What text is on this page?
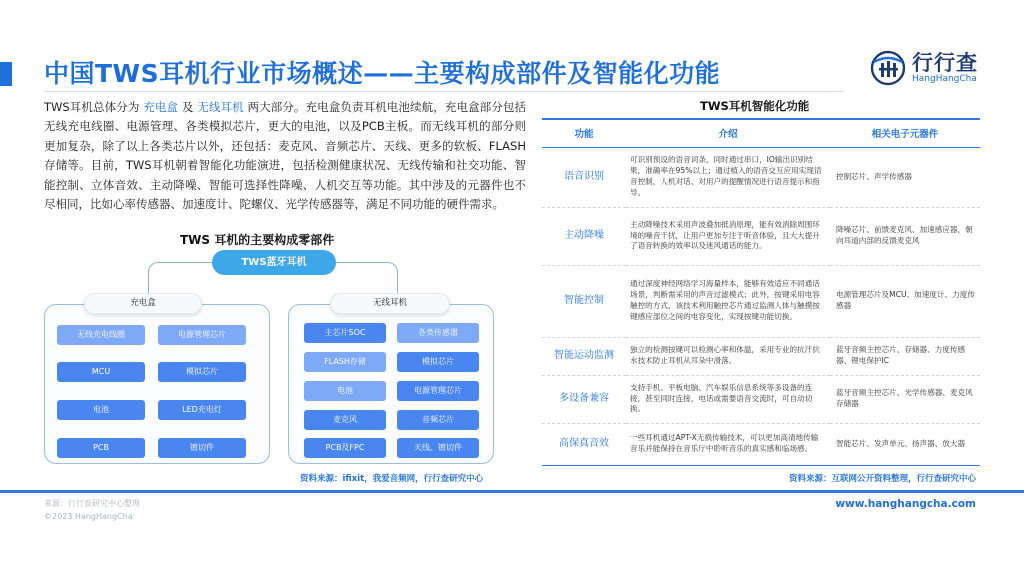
中国TWS耳机行业市场概述——主要构成部件及智能化功能	行行查
HangHangCha
TWS耳机总体分为 充电盒 及 无线耳机 两大部分。充电盒负责耳机电池续航，充电盒部分包括无线充电线圈、电源管理、各类模拟芯片，更大的电池，以及PCB主板。而无线耳机的部分则更加复杂，除了以上各类芯片以外，还包括：麦克风、音频芯片、天线、更多的软板、FLASH存储等。目前，TWS耳机朝着智能化功能演进，包括检测健康状况、无线传输和社交功能、智能控制、立体音效、主动降噪、智能可选择性降噪、人机交互等功能。其中涉及的元器件也不尽相同，比如心率传感器、加速度计、陀螺仪、光学传感器等，满足不同功能的硬件需求。
TWS 耳机的主要构成零部件
TWS蓝牙耳机
充电盒	无线耳机
无线充电线圈	电源管理芯片
MCU	模拟芯片
电池	LED充电灯
PCB	镀切件
主芯片SOC	各类传感器
FLASH存储	模拟芯片
电池	电源管理芯片
麦克风	音频芯片
PCB及FPC	天线、镀切件
资料来源：ifixit，我爱音频网，行行查研究中心
TWS耳机智能化功能
功能	介绍	相关电子元器件
语音识别	可识别预设的语音词条，同时通过串口，IO输出识别结果，准确率在95%以上；通过植入的语音交互应用实现语音控制，人机对话、对用户的提醒情况进行语音提示和指导。	控制芯片、声学传感器
主动降噪	主动降噪技术采用声波叠加抵消原理，能有效消除周围环境的噪音干扰，让用户更加专注于听音体验，且大大提升了语音转换的效率以及迷风通话的能力。	降噪芯片、前馈麦克风、加速感应器，朝向耳道内部的反馈麦克风
智能控制	通过深度神经网络学习海量样本，能够有效适应不同通话场景，判断需采用的声音过滤模式；此外，按键采用电容触控的方式，该技术利用触控芯片通过监测人体与触摸按键感应部位之间的电容变化，实现按键功能切换。	电源管理芯片及MCU、加速度计、力度传感器
智能运动监测	独立的检测按键可以检测心率和体温，采用专业的抗汗抗水技术防止耳机从耳朵中滑落。	蓝牙音频主控芯片、存储器、力度传感器、锂电保护IC
多设备兼容	支持手机、平板电脑、汽车娱乐信息系统等多设备的连接，甚至同时连接，电话或需要语音交流时，可自动切换。	蓝牙音频主控芯片、光学传感器、麦克风存储器
高保真音效	一些耳机通过APT-X无损传输技术，可以更加高清地传输音乐并能保持在音乐厅中聆听音乐的真实感和临场感。	智能芯片、发声单元、扬声器、放大器
资料来源：互联网公开资料整理，行行查研究中心
来源：行行查研究中心整理
©2023 HangHangCha
www.hanghangcha.com
